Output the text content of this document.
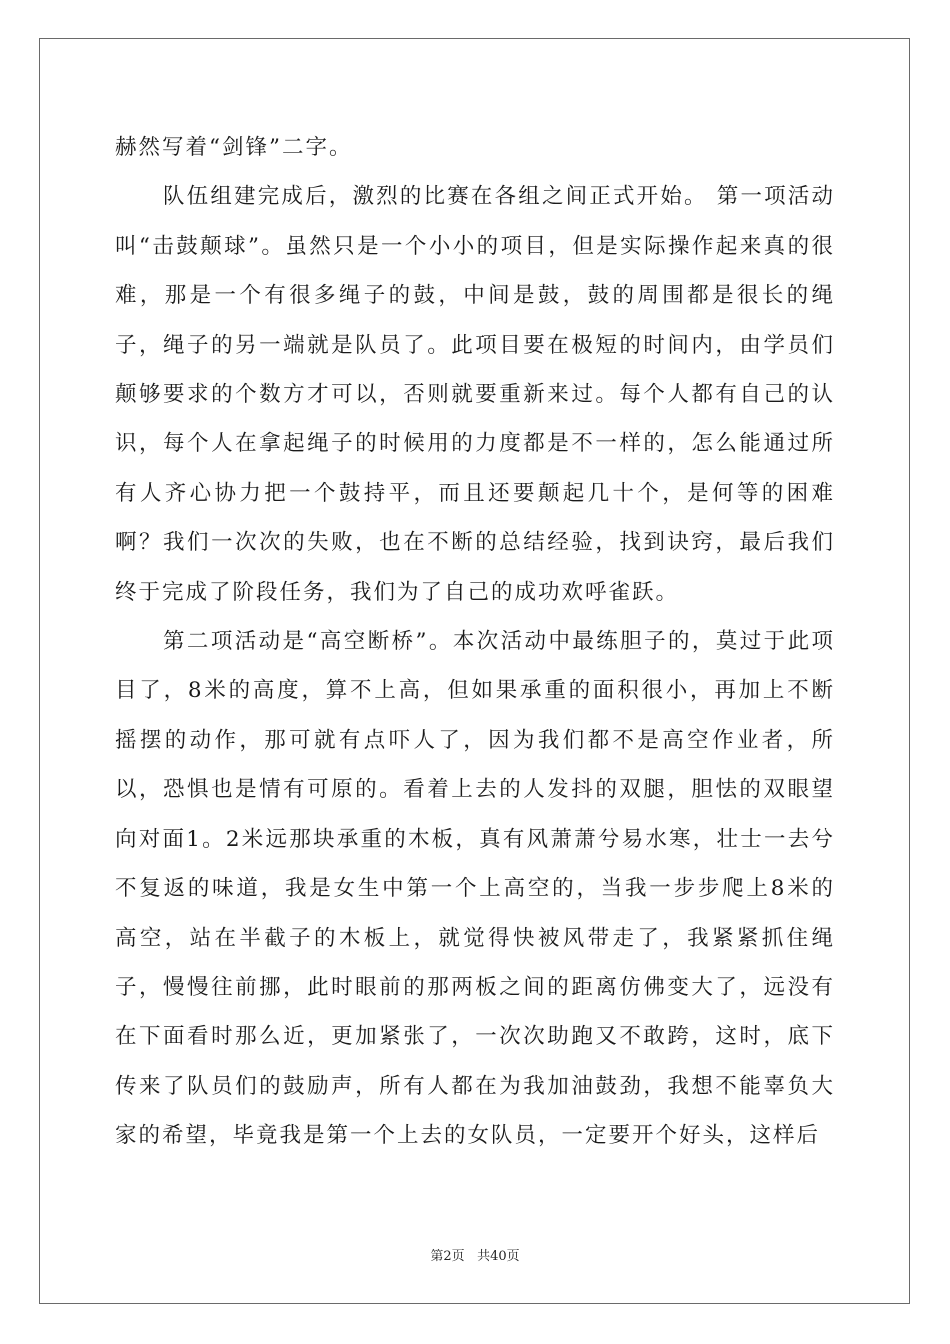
赫然写着“剑锋”二字。

队伍组建完成后，激烈的比赛在各组之间正式开始。 第一项活动叫“击鼓颠球”。虽然只是一个小小的项目，但是实际操作起来真的很难，那是一个有很多绳子的鼓，中间是鼓，鼓的周围都是很长的绳子，绳子的另一端就是队员了。此项目要在极短的时间内，由学员们颠够要求的个数方才可以，否则就要重新来过。每个人都有自己的认识，每个人在拿起绳子的时候用的力度都是不一样的，怎么能通过所有人齐心协力把一个鼓持平，而且还要颠起几十个，是何等的困难啊？我们一次次的失败，也在不断的总结经验，找到诀窍，最后我们终于完成了阶段任务，我们为了自己的成功欢呼雀跃。

第二项活动是“高空断桥”。本次活动中最练胆子的，莫过于此项目了，8米的高度，算不上高，但如果承重的面积很小，再加上不断摇摆的动作，那可就有点吓人了，因为我们都不是高空作业者，所以，恐惧也是情有可原的。看着上去的人发抖的双腿，胆怯的双眼望向对面1。2米远那块承重的木板，真有风萧萧兮易水寒，壮士一去兮不复返的味道，我是女生中第一个上高空的，当我一步步爬上8米的高空，站在半截子的木板上，就觉得快被风带走了，我紧紧抓住绳子，慢慢往前挪，此时眼前的那两板之间的距离仿佛变大了，远没有在下面看时那么近，更加紧张了，一次次助跑又不敢跨，这时，底下传来了队员们的鼓励声，所有人都在为我加油鼓劲，我想不能辜负大家的希望，毕竟我是第一个上去的女队员，一定要开个好头，这样后

第2页 共40页
